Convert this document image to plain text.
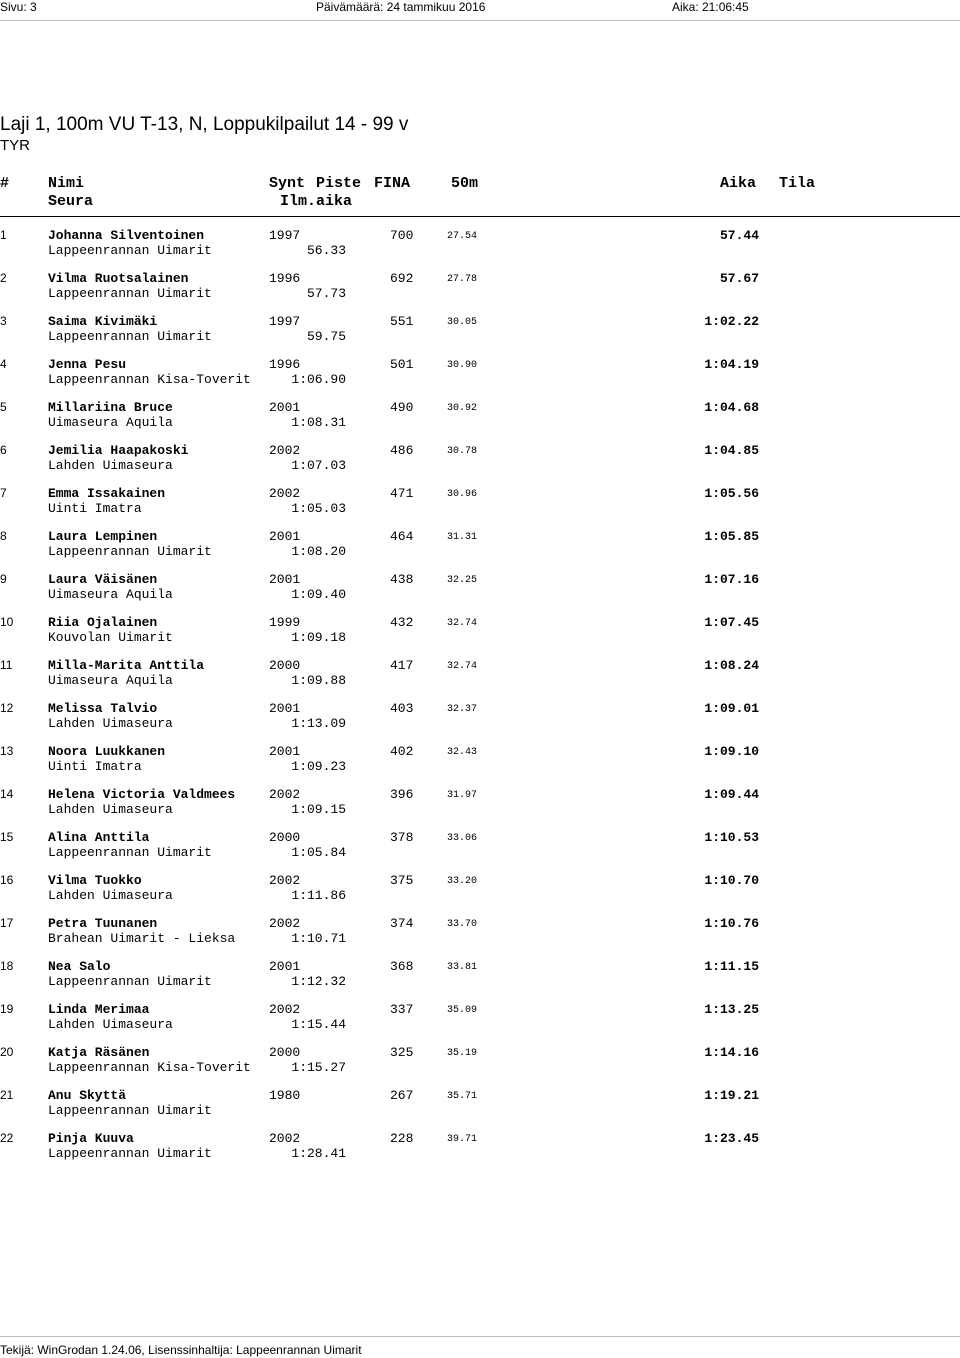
Sivu: 3	Päivämäärä: 24 tammikuu 2016	Aika: 21:06:45
Laji 1, 100m VU T-13, N, Loppukilpailut 14 - 99 v
TYR
#	Nimi
Seura
Synt Piste FINA
Ilm.aika
50m	Aika Tila
1	Johanna Silventoinen	1997	700	27.54	57.44
Lappeenrannan Uimarit	56.33
2	Vilma Ruotsalainen	1996	692	27.78	57.67
Lappeenrannan Uimarit	57.73
3	Saima Kivimäki	1997	551	30.05	1:02.22
Lappeenrannan Uimarit	59.75
4	Jenna Pesu	1996	501	30.90	1:04.19
Lappeenrannan Kisa-Toverit	1:06.90
5	Millariina Bruce	2001	490	30.92	1:04.68
Uimaseura Aquila	1:08.31
6	Jemilia Haapakoski	2002	486	30.78	1:04.85
Lahden Uimaseura	1:07.03
7	Emma Issakainen	2002	471	30.96	1:05.56
Uinti Imatra	1:05.03
8	Laura Lempinen	2001	464	31.31	1:05.85
Lappeenrannan Uimarit	1:08.20
9	Laura Väisänen	2001	438	32.25	1:07.16
Uimaseura Aquila	1:09.40
10	Riia Ojalainen	1999	432	32.74	1:07.45
Kouvolan Uimarit	1:09.18
11	Milla-Marita Anttila	2000	417	32.74	1:08.24
Uimaseura Aquila	1:09.88
12	Melissa Talvio	2001	403	32.37	1:09.01
Lahden Uimaseura	1:13.09
13	Noora Luukkanen	2001	402	32.43	1:09.10
Uinti Imatra	1:09.23
14	Helena Victoria Valdmees	2002	396	31.97	1:09.44
Lahden Uimaseura	1:09.15
15	Alina Anttila	2000	378	33.06	1:10.53
Lappeenrannan Uimarit	1:05.84
16	Vilma Tuokko	2002	375	33.20	1:10.70
Lahden Uimaseura	1:11.86
17	Petra Tuunanen	2002	374	33.70	1:10.76
Brahean Uimarit - Lieksa	1:10.71
18	Nea Salo	2001	368	33.81	1:11.15
Lappeenrannan Uimarit	1:12.32
19	Linda Merimaa	2002	337	35.09	1:13.25
Lahden Uimaseura	1:15.44
20	Katja Räsänen	2000	325	35.19	1:14.16
Lappeenrannan Kisa-Toverit	1:15.27
21	Anu Skyttä	1980	267	35.71	1:19.21
Lappeenrannan Uimarit
22	Pinja Kuuva	2002	228	39.71	1:23.45
Lappeenrannan Uimarit	1:28.41
Tekijä: WinGrodan 1.24.06, Lisenssinhaltija: Lappeenrannan Uimarit
